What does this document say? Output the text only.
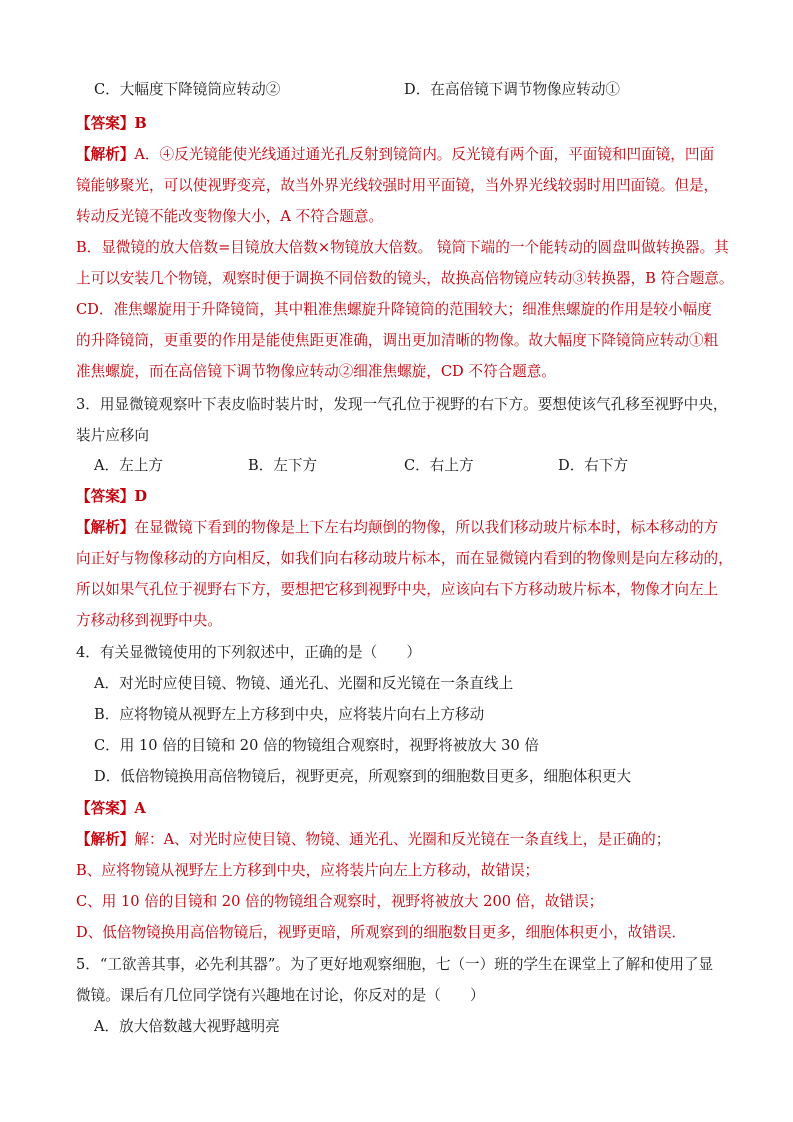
C．大幅度下降镜筒应转动②	D．在高倍镜下调节物像应转动①
【答案】B
【解析】A．④反光镜能使光线通过通光孔反射到镜筒内。反光镜有两个面，平面镜和凹面镜，凹面
镜能够聚光，可以使视野变亮，故当外界光线较强时用平面镜，当外界光线较弱时用凹面镜。但是，
转动反光镜不能改变物像大小，A 不符合题意。
B．显微镜的放大倍数=目镜放大倍数×物镜放大倍数。 镜筒下端的一个能转动的圆盘叫做转换器。其
上可以安装几个物镜，观察时便于调换不同倍数的镜头，故换高倍物镜应转动③转换器，B 符合题意。
CD．准焦螺旋用于升降镜筒，其中粗准焦螺旋升降镜筒的范围较大；细准焦螺旋的作用是较小幅度
的升降镜筒，更重要的作用是能使焦距更准确，调出更加清晰的物像。故大幅度下降镜筒应转动①粗
准焦螺旋，而在高倍镜下调节物像应转动②细准焦螺旋，CD 不符合题意。
3．用显微镜观察叶下表皮临时装片时，发现一气孔位于视野的右下方。要想使该气孔移至视野中央，
装片应移向
A．左上方	B．左下方	C．右上方	D．右下方
【答案】D
【解析】在显微镜下看到的物像是上下左右均颠倒的物像，所以我们移动玻片标本时，标本移动的方
向正好与物像移动的方向相反，如我们向右移动玻片标本，而在显微镜内看到的物像则是向左移动的，
所以如果气孔位于视野右下方，要想把它移到视野中央，应该向右下方移动玻片标本，物像才向左上
方移动移到视野中央。
4．有关显微镜使用的下列叙述中，正确的是（　　）
A．对光时应使目镜、物镜、通光孔、光圈和反光镜在一条直线上
B．应将物镜从视野左上方移到中央，应将装片向右上方移动
C．用 10 倍的目镜和 20 倍的物镜组合观察时，视野将被放大 30 倍
D．低倍物镜换用高倍物镜后，视野更亮，所观察到的细胞数目更多，细胞体积更大
【答案】A
【解析】解：A、对光时应使目镜、物镜、通光孔、光圈和反光镜在一条直线上，是正确的；
B、应将物镜从视野左上方移到中央，应将装片向左上方移动，故错误；
C、用 10 倍的目镜和 20 倍的物镜组合观察时，视野将被放大 200 倍，故错误；
D、低倍物镜换用高倍物镜后，视野更暗，所观察到的细胞数目更多，细胞体积更小，故错误．
5．“工欲善其事，必先利其器”。为了更好地观察细胞，七（一）班的学生在课堂上了解和使用了显
微镜。课后有几位同学饶有兴趣地在讨论，你反对的是（　　）
A．放大倍数越大视野越明亮
